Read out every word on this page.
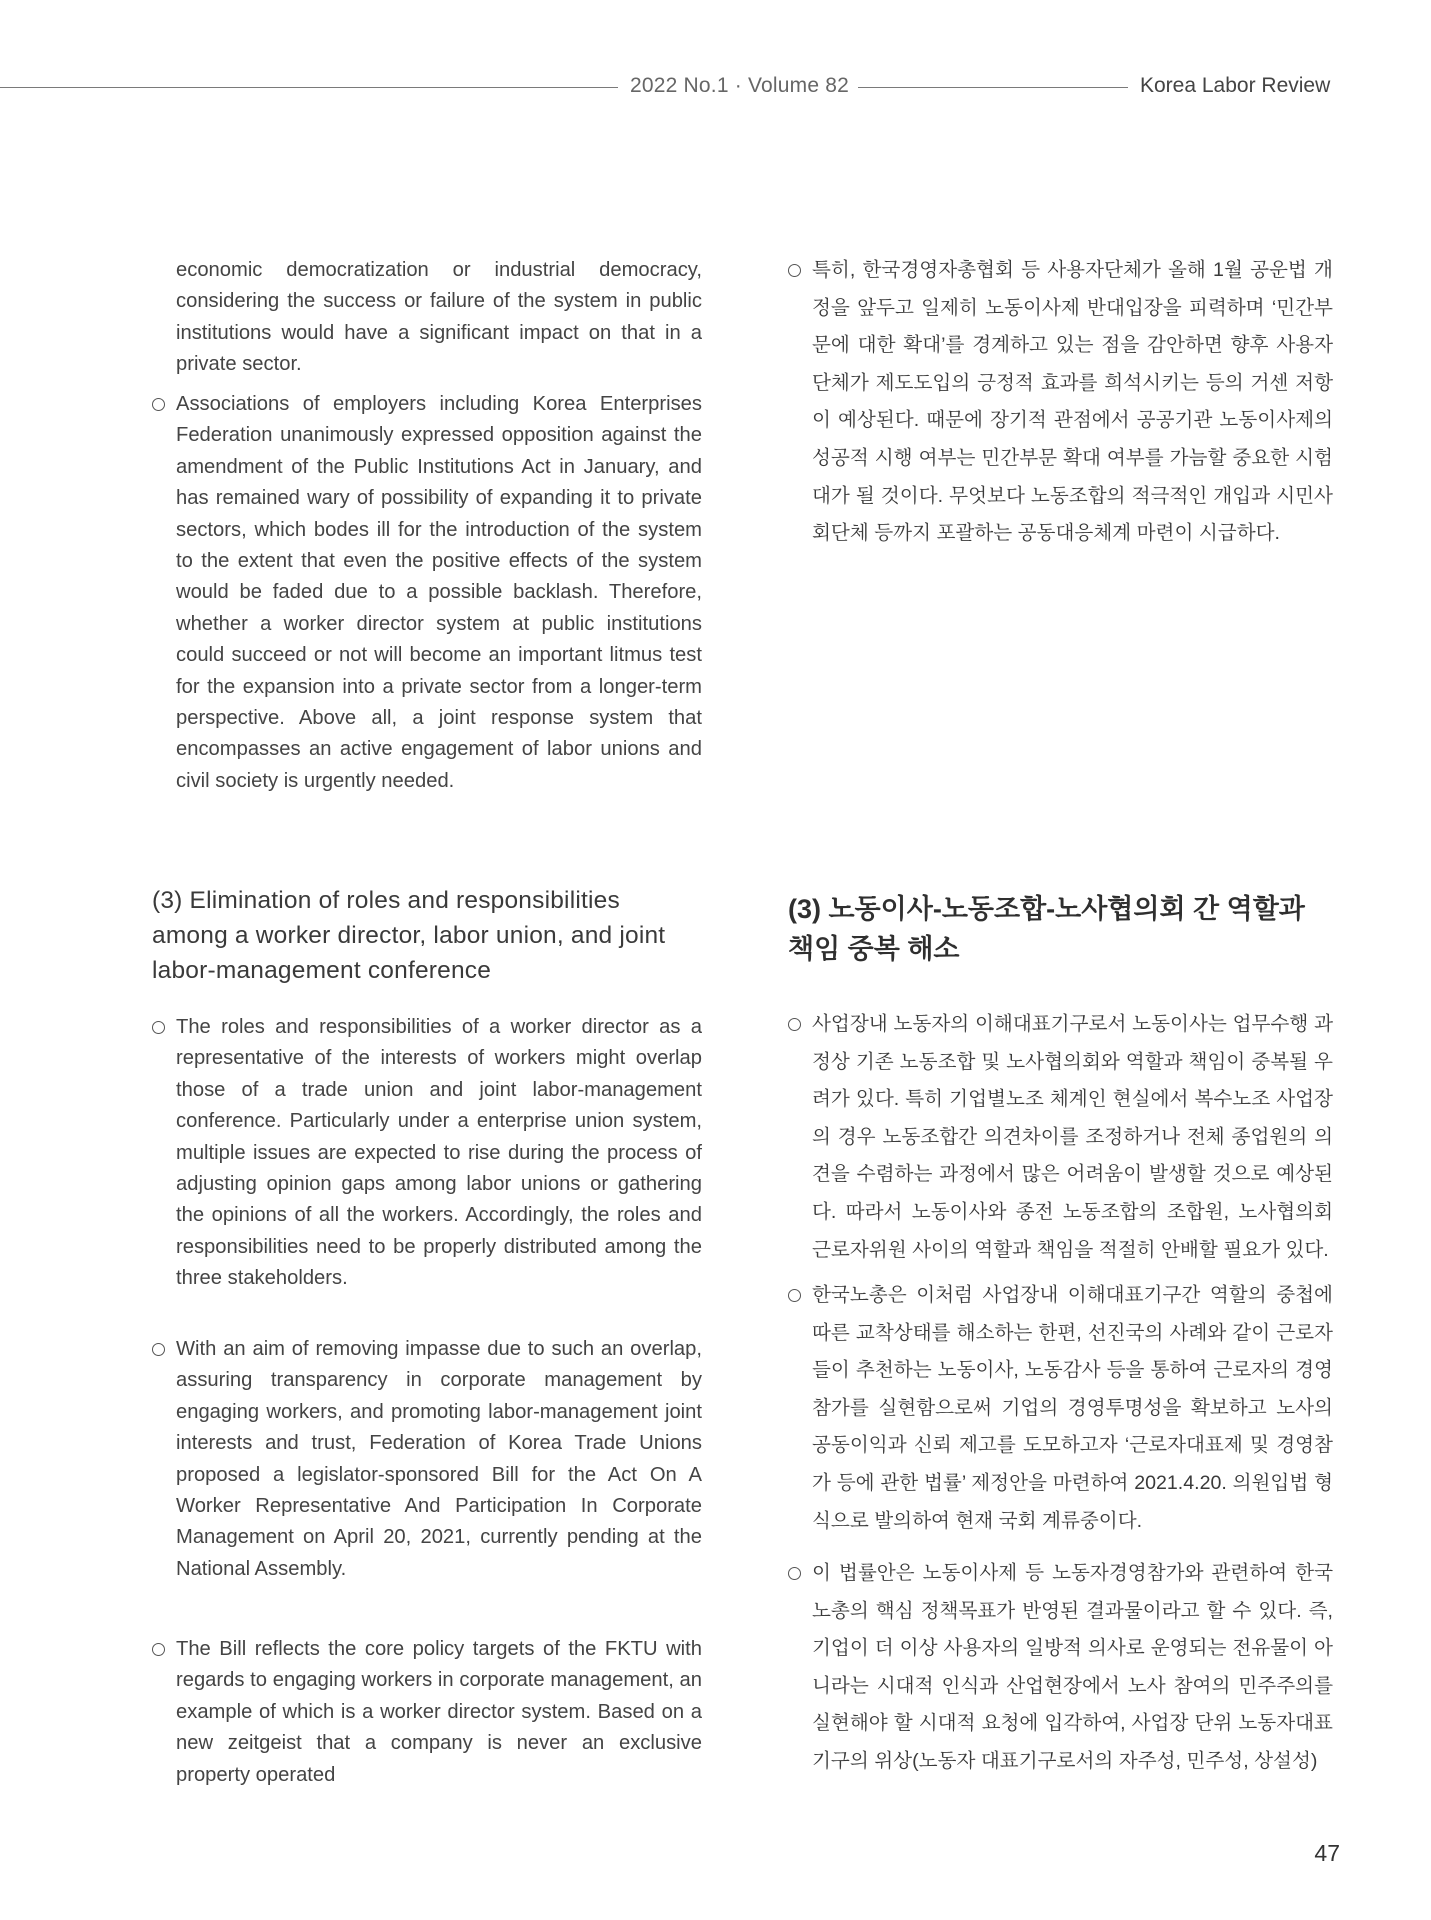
2022 No.1 · Volume 82	Korea Labor Review

economic democratization or industrial democracy, considering the success or failure of the system in public institutions would have a significant impact on that in a private sector.

Associations of employers including Korea Enterprises Federation unanimously expressed opposition against the amendment of the Public Institutions Act in January, and has remained wary of possibility of expanding it to private sectors, which bodes ill for the introduction of the system to the extent that even the positive effects of the system would be faded due to a possible backlash. Therefore, whether a worker director system at public institutions could succeed or not will become an important litmus test for the expansion into a private sector from a longer-term perspective. Above all, a joint response system that encompasses an active engagement of labor unions and civil society is urgently needed.
(3) Elimination of roles and responsibilities among a worker director, labor union, and joint labor-management conference
The roles and responsibilities of a worker director as a representative of the interests of workers might overlap those of a trade union and joint labor-management conference. Particularly under a enterprise union system, multiple issues are expected to rise during the process of adjusting opinion gaps among labor unions or gathering the opinions of all the workers. Accordingly, the roles and responsibilities need to be properly distributed among the three stakeholders.
With an aim of removing impasse due to such an overlap, assuring transparency in corporate management by engaging workers, and promoting labor-management joint interests and trust, Federation of Korea Trade Unions proposed a legislator-sponsored Bill for the Act On A Worker Representative And Participation In Corporate Management on April 20, 2021, currently pending at the National Assembly.
The Bill reflects the core policy targets of the FKTU with regards to engaging workers in corporate management, an example of which is a worker director system. Based on a new zeitgeist that a company is never an exclusive property operated
특히, 한국경영자총협회 등 사용자단체가 올해 1월 공운법 개정을 앞두고 일제히 노동이사제 반대입장을 피력하며 ‘민간부문에 대한 확대’를 경계하고 있는 점을 감안하면 향후 사용자단체가 제도도입의 긍정적 효과를 희석시키는 등의 거센 저항이 예상된다. 때문에 장기적 관점에서 공공기관 노동이사제의 성공적 시행 여부는 민간부문 확대 여부를 가늠할 중요한 시험대가 될 것이다. 무엇보다 노동조합의 적극적인 개입과 시민사회단체 등까지 포괄하는 공동대응체계 마련이 시급하다.
(3) 노동이사-노동조합-노사협의회 간 역할과 책임 중복 해소
사업장내 노동자의 이해대표기구로서 노동이사는 업무수행 과정상 기존 노동조합 및 노사협의회와 역할과 책임이 중복될 우려가 있다. 특히 기업별노조 체계인 현실에서 복수노조 사업장의 경우 노동조합간 의견차이를 조정하거나 전체 종업원의 의견을 수렴하는 과정에서 많은 어려움이 발생할 것으로 예상된다. 따라서 노동이사와 종전 노동조합의 조합원, 노사협의회 근로자위원 사이의 역할과 책임을 적절히 안배할 필요가 있다.
한국노총은 이처럼 사업장내 이해대표기구간 역할의 중첩에 따른 교착상태를 해소하는 한편, 선진국의 사례와 같이 근로자들이 추천하는 노동이사, 노동감사 등을 통하여 근로자의 경영참가를 실현함으로써 기업의 경영투명성을 확보하고 노사의 공동이익과 신뢰 제고를 도모하고자 ‘근로자대표제 및 경영참가 등에 관한 법률’ 제정안을 마련하여 2021.4.20. 의원입법 형식으로 발의하여 현재 국회 계류중이다.
이 법률안은 노동이사제 등 노동자경영참가와 관련하여 한국노총의 핵심 정책목표가 반영된 결과물이라고 할 수 있다. 즉, 기업이 더 이상 사용자의 일방적 의사로 운영되는 전유물이 아니라는 시대적 인식과 산업현장에서 노사 참여의 민주주의를 실현해야 할 시대적 요청에 입각하여, 사업장 단위 노동자대표기구의 위상(노동자 대표기구로서의 자주성, 민주성, 상설성)
47
